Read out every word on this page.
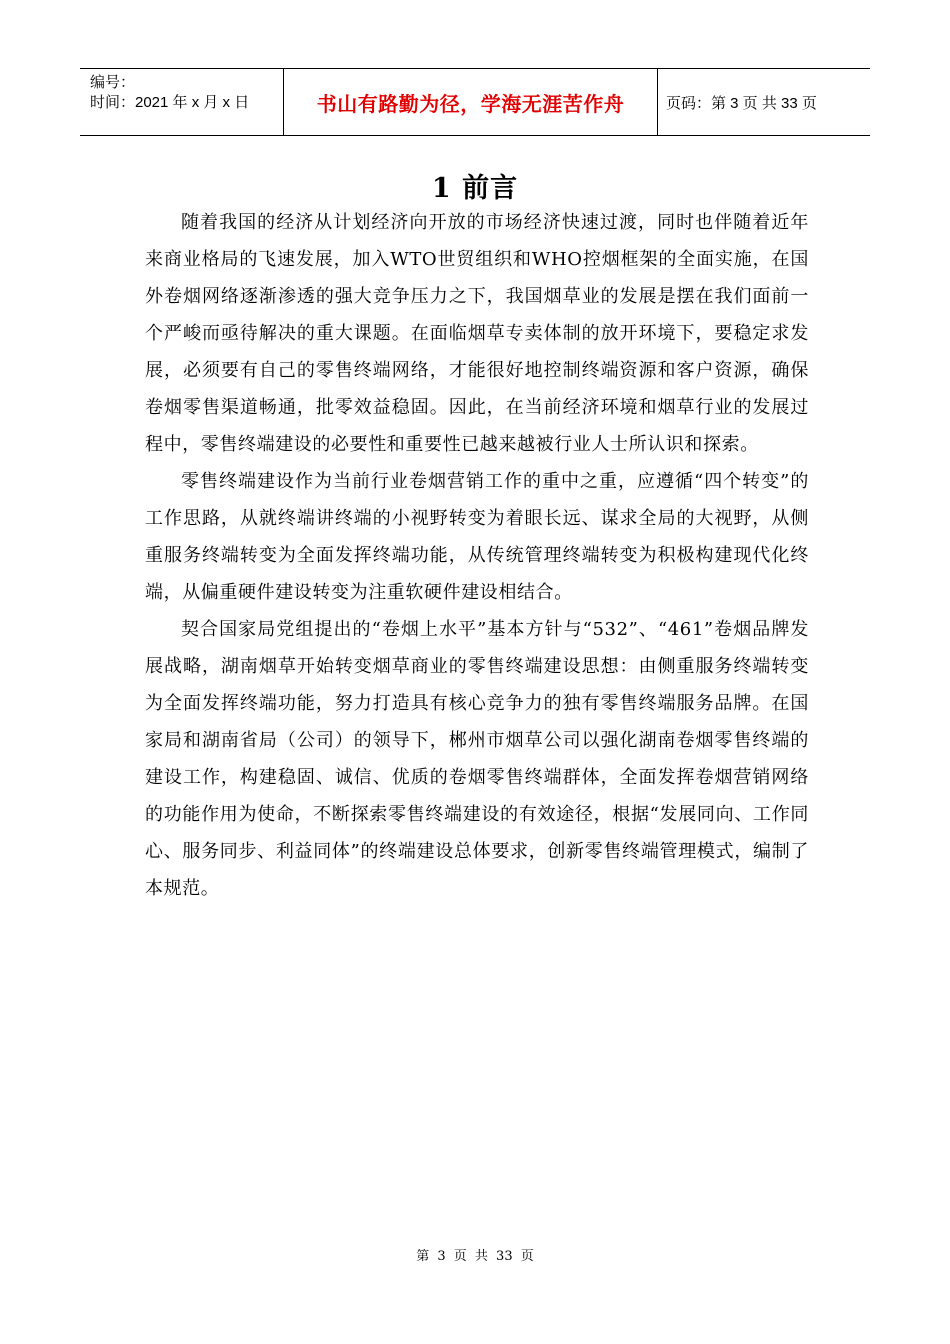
编号：
时间：2021 年 x 月 x 日	书山有路勤为径，学海无涯苦作舟	页码：第 3 页 共 33 页
1 前言

随着我国的经济从计划经济向开放的市场经济快速过渡，同时也伴随着近年来商业格局的飞速发展，加入WTO世贸组织和WHO控烟框架的全面实施，在国外卷烟网络逐渐渗透的强大竞争压力之下，我国烟草业的发展是摆在我们面前一个严峻而亟待解决的重大课题。在面临烟草专卖体制的放开环境下，要稳定求发展，必须要有自己的零售终端网络，才能很好地控制终端资源和客户资源，确保卷烟零售渠道畅通，批零效益稳固。因此，在当前经济环境和烟草行业的发展过程中，零售终端建设的必要性和重要性已越来越被行业人士所认识和探索。

零售终端建设作为当前行业卷烟营销工作的重中之重，应遵循“四个转变”的工作思路，从就终端讲终端的小视野转变为着眼长远、谋求全局的大视野，从侧重服务终端转变为全面发挥终端功能，从传统管理终端转变为积极构建现代化终端，从偏重硬件建设转变为注重软硬件建设相结合。

契合国家局党组提出的“卷烟上水平”基本方针与“532”、“461”卷烟品牌发展战略，湖南烟草开始转变烟草商业的零售终端建设思想：由侧重服务终端转变为全面发挥终端功能，努力打造具有核心竞争力的独有零售终端服务品牌。在国家局和湖南省局（公司）的领导下，郴州市烟草公司以强化湖南卷烟零售终端的建设工作，构建稳固、诚信、优质的卷烟零售终端群体，全面发挥卷烟营销网络的功能作用为使命，不断探索零售终端建设的有效途径，根据“发展同向、工作同心、服务同步、利益同体”的终端建设总体要求，创新零售终端管理模式，编制了本规范。

第 3 页 共 33 页
